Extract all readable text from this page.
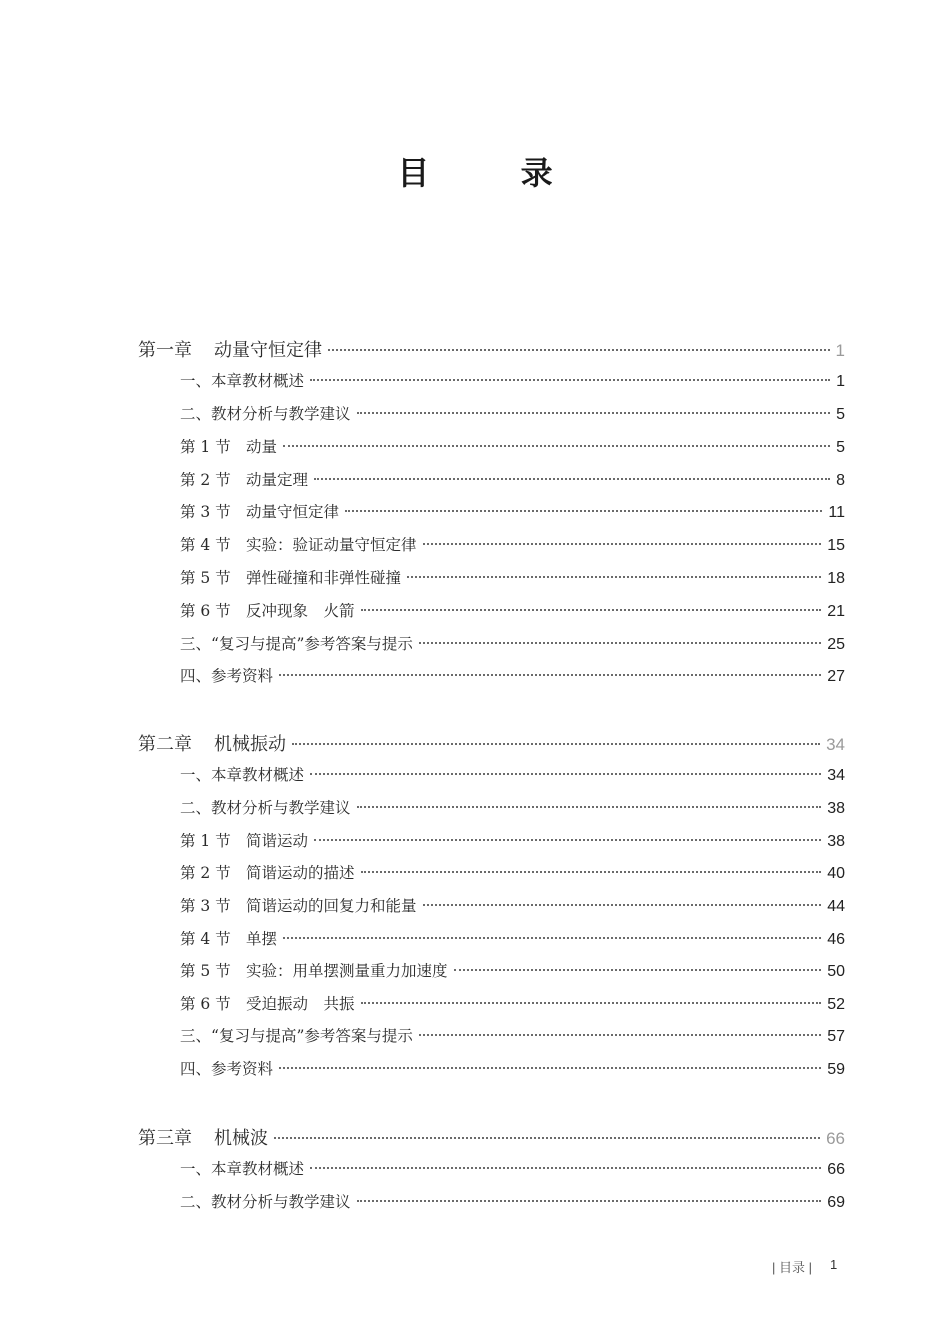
目 录
第一章 动量守恒定律	1
一、本章教材概述	1
二、教材分析与教学建议	5
第 1 节 动量	5
第 2 节 动量定理	8
第 3 节 动量守恒定律	11
第 4 节 实验：验证动量守恒定律	15
第 5 节 弹性碰撞和非弹性碰撞	18
第 6 节 反冲现象　火箭	21
三、“复习与提高”参考答案与提示	25
四、参考资料	27
第二章 机械振动	34
一、本章教材概述	34
二、教材分析与教学建议	38
第 1 节 简谐运动	38
第 2 节 简谐运动的描述	40
第 3 节 简谐运动的回复力和能量	44
第 4 节 单摆	46
第 5 节 实验：用单摆测量重力加速度	50
第 6 节 受迫振动　共振	52
三、“复习与提高”参考答案与提示	57
四、参考资料	59
第三章 机械波	66
一、本章教材概述	66
二、教材分析与教学建议	69
| 目录 | 1
